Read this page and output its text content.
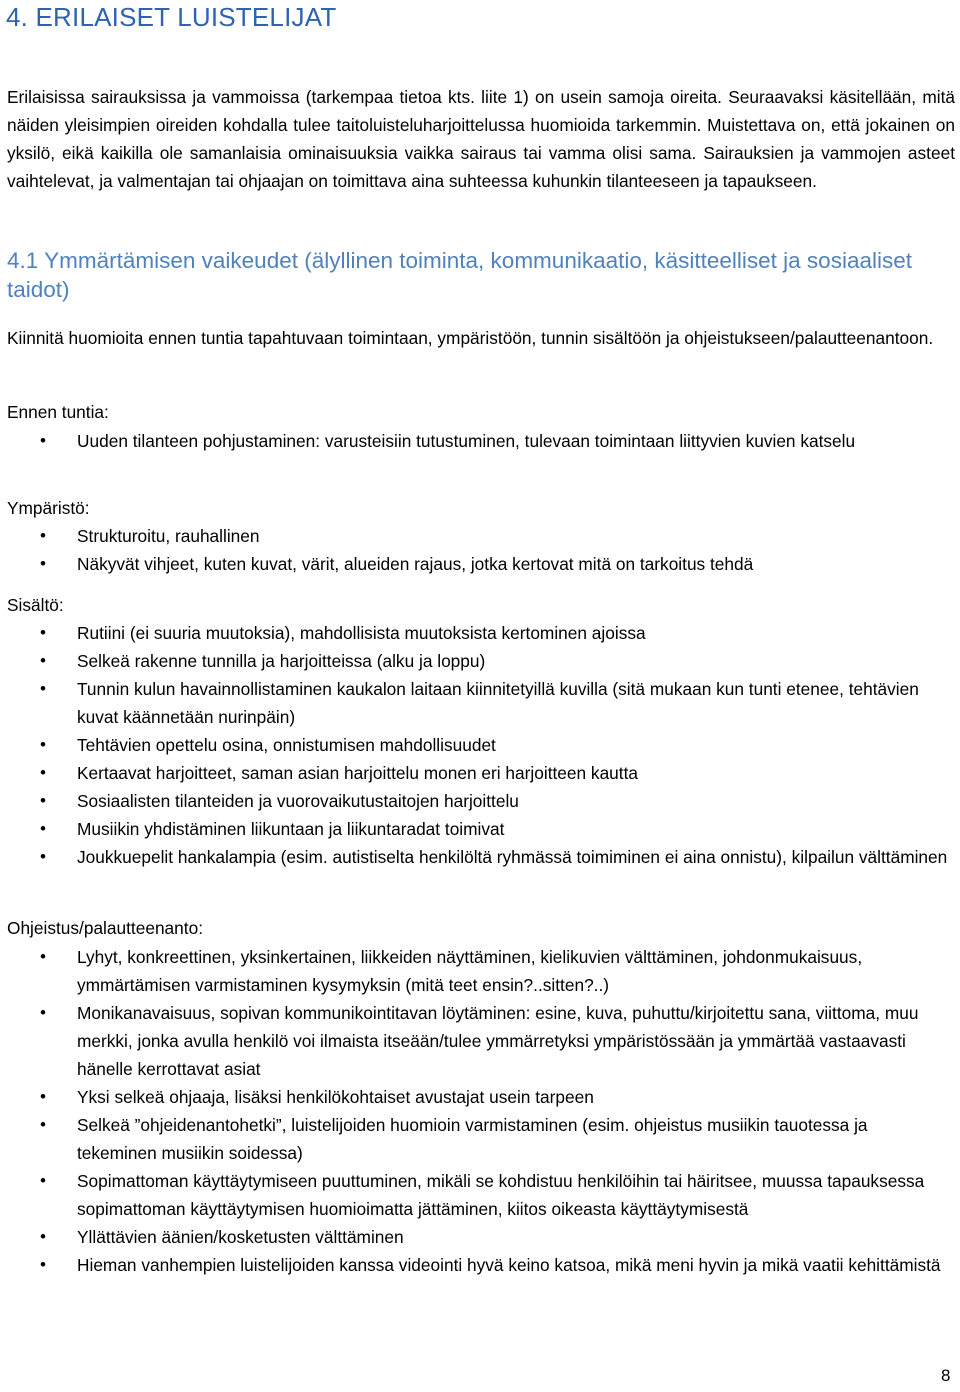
4. ERILAISET LUISTELIJAT

Erilaisissa sairauksissa ja vammoissa (tarkempaa tietoa kts. liite 1) on usein samoja oireita. Seuraavaksi käsitellään, mitä näiden yleisimpien oireiden kohdalla tulee taitoluisteluharjoittelussa huomioida tarkemmin. Muistettava on, että jokainen on yksilö, eikä kaikilla ole samanlaisia ominaisuuksia vaikka sairaus tai vamma olisi sama. Sairauksien ja vammojen asteet vaihtelevat, ja valmentajan tai ohjaajan on toimittava aina suhteessa kuhunkin tilanteeseen ja tapaukseen.

4.1 Ymmärtämisen vaikeudet (älyllinen toiminta, kommunikaatio, käsitteelliset ja sosiaaliset taidot)

Kiinnitä huomioita ennen tuntia tapahtuvaan toimintaan, ympäristöön, tunnin sisältöön ja ohjeistukseen/palautteenantoon.

Ennen tuntia:

• Uuden tilanteen pohjustaminen: varusteisiin tutustuminen, tulevaan toimintaan liittyvien kuvien katselu

Ympäristö:

• Strukturoitu, rauhallinen
• Näkyvät vihjeet, kuten kuvat, värit, alueiden rajaus, jotka kertovat mitä on tarkoitus tehdä

Sisältö:

• Rutiini (ei suuria muutoksia), mahdollisista muutoksista kertominen ajoissa
• Selkeä rakenne tunnilla ja harjoitteissa (alku ja loppu)
• Tunnin kulun havainnollistaminen kaukalon laitaan kiinnitetyillä kuvilla (sitä mukaan kun tunti etenee, tehtävien kuvat käännetään nurinpäin)
• Tehtävien opettelu osina, onnistumisen mahdollisuudet
• Kertaavat harjoitteet, saman asian harjoittelu monen eri harjoitteen kautta
• Sosiaalisten tilanteiden ja vuorovaikutustaitojen harjoittelu
• Musiikin yhdistäminen liikuntaan ja liikuntaradat toimivat
• Joukkuepelit hankalampia (esim. autistiselta henkilöltä ryhmässä toimiminen ei aina onnistu), kilpailun välttäminen

Ohjeistus/palautteenanto:

• Lyhyt, konkreettinen, yksinkertainen, liikkeiden näyttäminen, kielikuvien välttäminen, johdonmukaisuus, ymmärtämisen varmistaminen kysymyksin (mitä teet ensin?..sitten?..)
• Monikanavaisuus, sopivan kommunikointitavan löytäminen: esine, kuva, puhuttu/kirjoitettu sana, viittoma, muu merkki, jonka avulla henkilö voi ilmaista itseään/tulee ymmärretyksi ympäristössään ja ymmärtää vastaavasti hänelle kerrottavat asiat
• Yksi selkeä ohjaaja, lisäksi henkilökohtaiset avustajat usein tarpeen
• Selkeä ”ohjeidenantohetki”, luistelijoiden huomioin varmistaminen (esim. ohjeistus musiikin tauotessa ja tekeminen musiikin soidessa)
• Sopimattoman käyttäytymiseen puuttuminen, mikäli se kohdistuu henkilöihin tai häiritsee, muussa tapauksessa sopimattoman käyttäytymisen huomioimatta jättäminen, kiitos oikeasta käyttäytymisestä
• Yllättävien äänien/kosketusten välttäminen
• Hieman vanhempien luistelijoiden kanssa videointi hyvä keino katsoa, mikä meni hyvin ja mikä vaatii kehittämistä
8
